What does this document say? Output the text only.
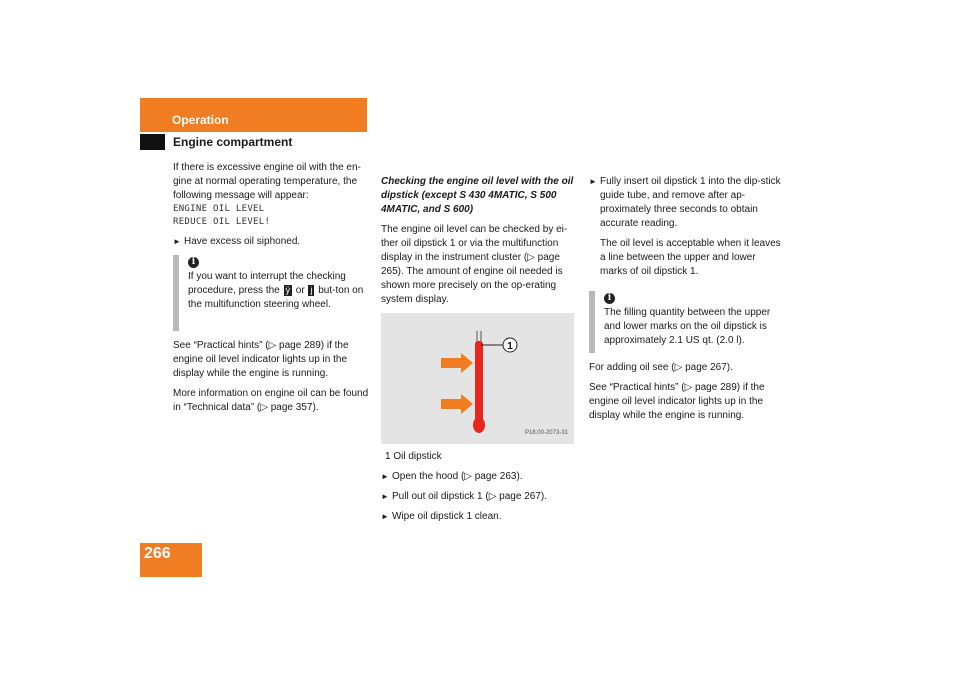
Operation
Engine compartment

If there is excessive engine oil with the en-gine at normal operating temperature, the following message will appear:

ENGINE OIL LEVEL
REDUCE OIL LEVEL!
► Have excess oil siphoned.
i
If you want to interrupt the checking procedure, press the ÿ or j but-ton on the multifunction steering wheel.

See “Practical hints” (▷ page 289) if the engine oil level indicator lights up in the display while the engine is running.

More information on engine oil can be found in “Technical data” (▷ page 357).

Checking the engine oil level with the oil dipstick (except S 430 4MATIC, S 500 4MATIC, and S 600)

The engine oil level can be checked by ei-ther oil dipstick 1 or via the multifunction display in the instrument cluster (▷ page 265). The amount of engine oil needed is shown more precisely on the op-erating system display.

1
P18.00-2073-31

1 Oil dipstick

► Open the hood (▷ page 263).
► Pull out oil dipstick 1 (▷ page 267).
► Wipe oil dipstick 1 clean.
► Fully insert oil dipstick 1 into the dip-stick guide tube, and remove after ap-proximately three seconds to obtain accurate reading.

The oil level is acceptable when it leaves a line between the upper and lower marks of oil dipstick 1.

i
The filling quantity between the upper and lower marks on the oil dipstick is approximately 2.1 US qt. (2.0 l).

For adding oil see (▷ page 267).

See “Practical hints” (▷ page 289) if the engine oil level indicator lights up in the display while the engine is running.

266
